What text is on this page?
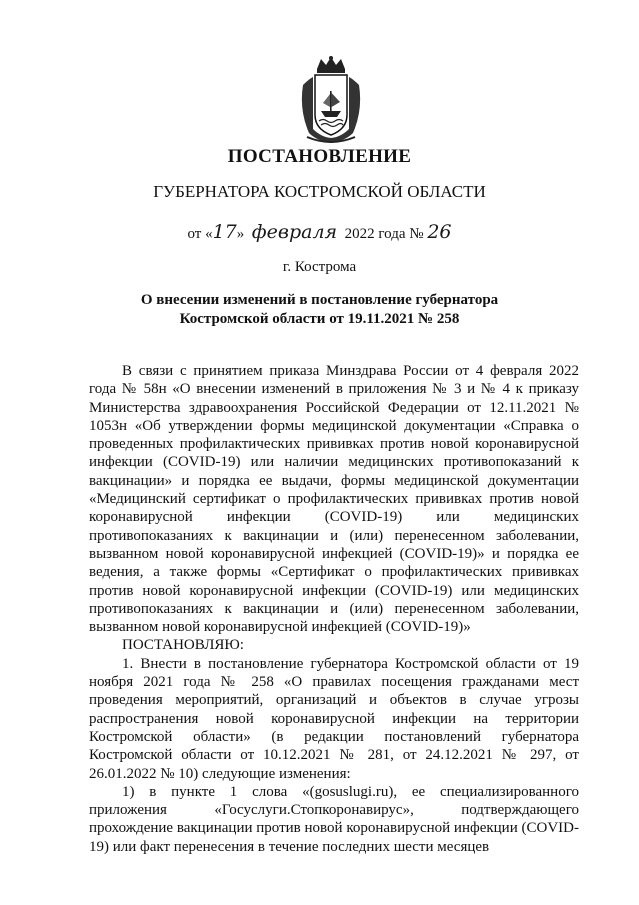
ПОСТАНОВЛЕНИЕ
ГУБЕРНАТОРА КОСТРОМСКОЙ ОБЛАСТИ
от «17»  февраля 2022 года № 26
г. Кострома
О внесении изменений в постановление губернатора
Костромской области от 19.11.2021 № 258

В связи с принятием приказа Минздрава России от 4 февраля 2022 года № 58н «О внесении изменений в приложения № 3 и № 4 к приказу Министерства здравоохранения Российской Федерации от 12.11.2021 № 1053н «Об утверждении формы медицинской документации «Справка о проведенных профилактических прививках против новой коронавирусной инфекции (COVID-19) или наличии медицинских противопоказаний к вакцинации» и порядка ее выдачи, формы медицинской документации «Медицинский сертификат о профилактических прививках против новой коронавирусной инфекции (COVID-19) или медицинских противопоказаниях к вакцинации и (или) перенесенном заболевании, вызванном новой коронавирусной инфекцией (COVID-19)» и порядка ее ведения, а также формы «Сертификат о профилактических прививках против новой коронавирусной инфекции (COVID-19) или медицинских противопоказаниях к вакцинации и (или) перенесенном заболевании, вызванном новой коронавирусной инфекцией (COVID-19)»

ПОСТАНОВЛЯЮ:

1. Внести в постановление губернатора Костромской области от 19 ноября 2021 года № 258 «О правилах посещения гражданами мест проведения мероприятий, организаций и объектов в случае угрозы распространения новой коронавирусной инфекции на территории Костромской области» (в редакции постановлений губернатора Костромской области от 10.12.2021 № 281, от 24.12.2021 № 297, от 26.01.2022 № 10) следующие изменения:

1) в пункте 1 слова «(gosuslugi.ru), ее специализированного приложения «Госуслуги.Стопкоронавирус», подтверждающего прохождение вакцинации против новой коронавирусной инфекции (COVID-19) или факт перенесения в течение последних шести месяцев
